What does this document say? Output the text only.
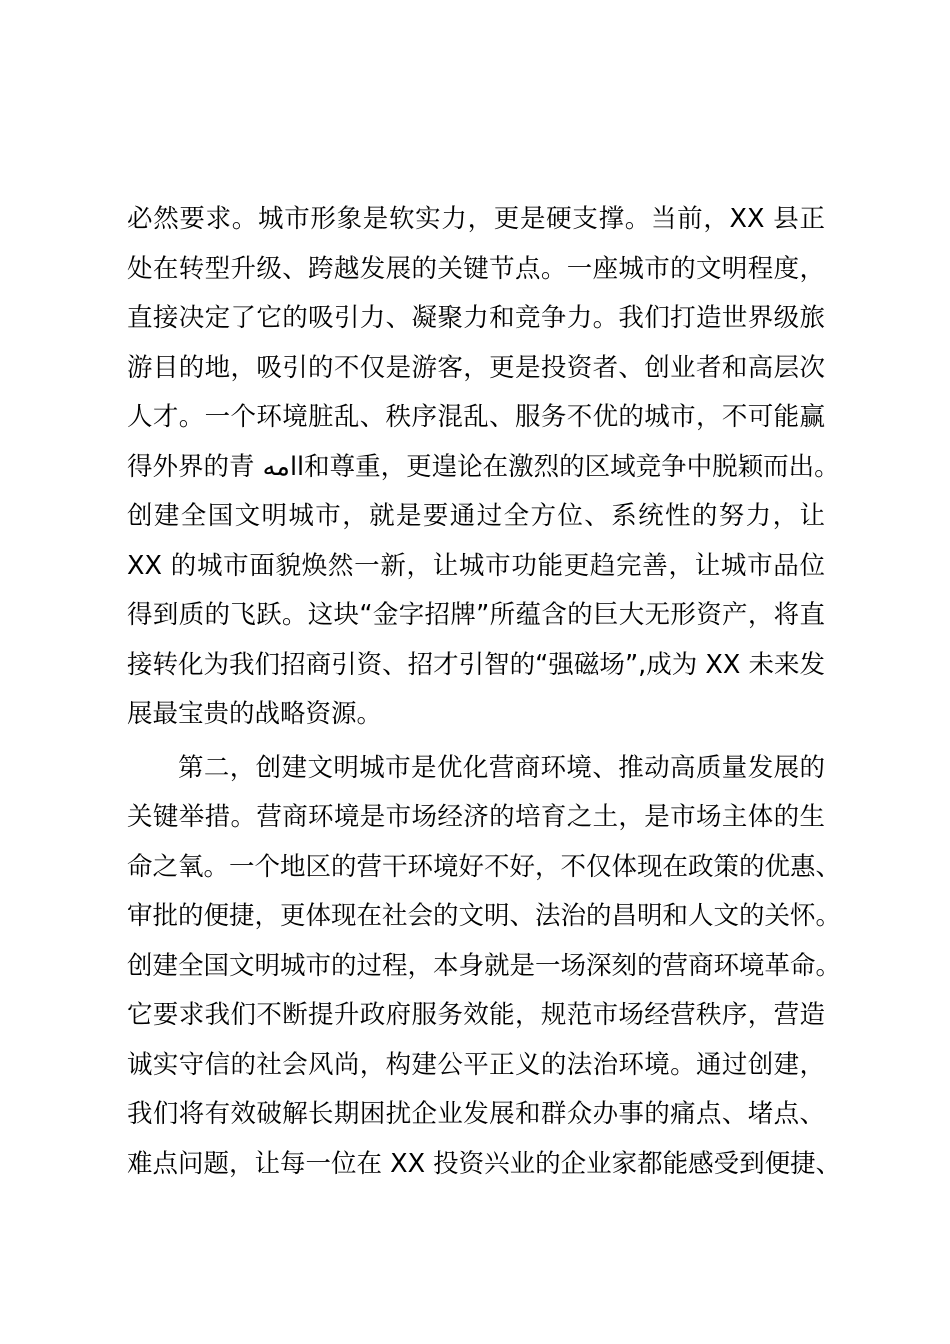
必然要求。城市形象是软实力，更是硬支撑。当前，XX 县正
处在转型升级、跨越发展的关键节点。一座城市的文明程度，
直接决定了它的吸引力、凝聚力和竞争力。我们打造世界级旅
游目的地，吸引的不仅是游客，更是投资者、创业者和高层次
人才。一个环境脏乱、秩序混乱、服务不优的城市，不可能赢
得外界的青 امهl和尊重，更遑论在激烈的区域竞争中脱颖而出。
创建全国文明城市，就是要通过全方位、系统性的努力，让
XX 的城市面貌焕然一新，让城市功能更趋完善，让城市品位
得到质的飞跃。这块“金字招牌”所蕴含的巨大无形资产，将直
接转化为我们招商引资、招才引智的“强磁场”,成为 XX 未来发
展最宝贵的战略资源。
第二，创建文明城市是优化营商环境、推动高质量发展的
关键举措。营商环境是市场经济的培育之土，是市场主体的生
命之氧。一个地区的营干环境好不好，不仅体现在政策的优惠、
审批的便捷，更体现在社会的文明、法治的昌明和人文的关怀。
创建全国文明城市的过程，本身就是一场深刻的营商环境革命。
它要求我们不断提升政府服务效能，规范市场经营秩序，营造
诚实守信的社会风尚，构建公平正义的法治环境。通过创建，
我们将有效破解长期困扰企业发展和群众办事的痛点、堵点、
难点问题，让每一位在 XX 投资兴业的企业家都能感受到便捷、
